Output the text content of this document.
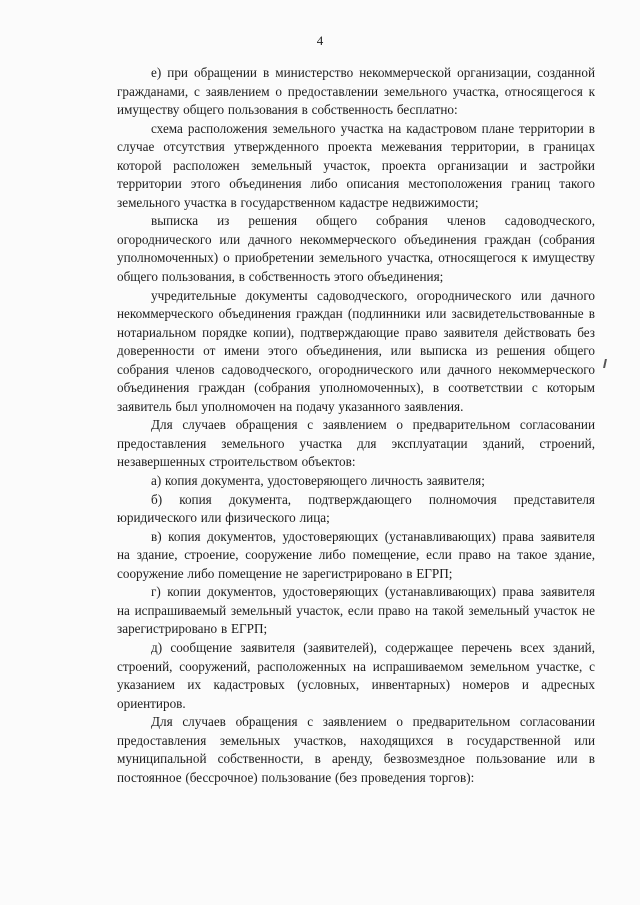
4

е) при обращении в министерство некоммерческой организации, созданной гражданами, с заявлением о предоставлении земельного участка, относящегося к имуществу общего пользования в собственность бесплатно:

схема расположения земельного участка на кадастровом плане территории в случае отсутствия утвержденного проекта межевания территории, в границах которой расположен земельный участок, проекта организации и застройки территории этого объединения либо описания местоположения границ такого земельного участка в государственном кадастре недвижимости;

выписка из решения общего собрания членов садоводческого, огороднического или дачного некоммерческого объединения граждан (собрания уполномоченных) о приобретении земельного участка, относящегося к имуществу общего пользования, в собственность этого объединения;

учредительные документы садоводческого, огороднического или дачного некоммерческого объединения граждан (подлинники или засвидетельствованные в нотариальном порядке копии), подтверждающие право заявителя действовать без доверенности от имени этого объединения, или выписка из решения общего собрания членов садоводческого, огороднического или дачного некоммерческого объединения граждан (собрания уполномоченных), в соответствии с которым заявитель был уполномочен на подачу указанного заявления.

Для случаев обращения с заявлением о предварительном согласовании предоставления земельного участка для эксплуатации зданий, строений, незавершенных строительством объектов:

а) копия документа, удостоверяющего личность заявителя;

б) копия документа, подтверждающего полномочия представителя юридического или физического лица;

в) копия документов, удостоверяющих (устанавливающих) права заявителя на здание, строение, сооружение либо помещение, если право на такое здание, сооружение либо помещение не зарегистрировано в ЕГРП;

г) копии документов, удостоверяющих (устанавливающих) права заявителя на испрашиваемый земельный участок, если право на такой земельный участок не зарегистрировано в ЕГРП;

д) сообщение заявителя (заявителей), содержащее перечень всех зданий, строений, сооружений, расположенных на испрашиваемом земельном участке, с указанием их кадастровых (условных, инвентарных) номеров и адресных ориентиров.

Для случаев обращения с заявлением о предварительном согласовании предоставления земельных участков, находящихся в государственной или муниципальной собственности, в аренду, безвозмездное пользование или в постоянное (бессрочное) пользование (без проведения торгов):
